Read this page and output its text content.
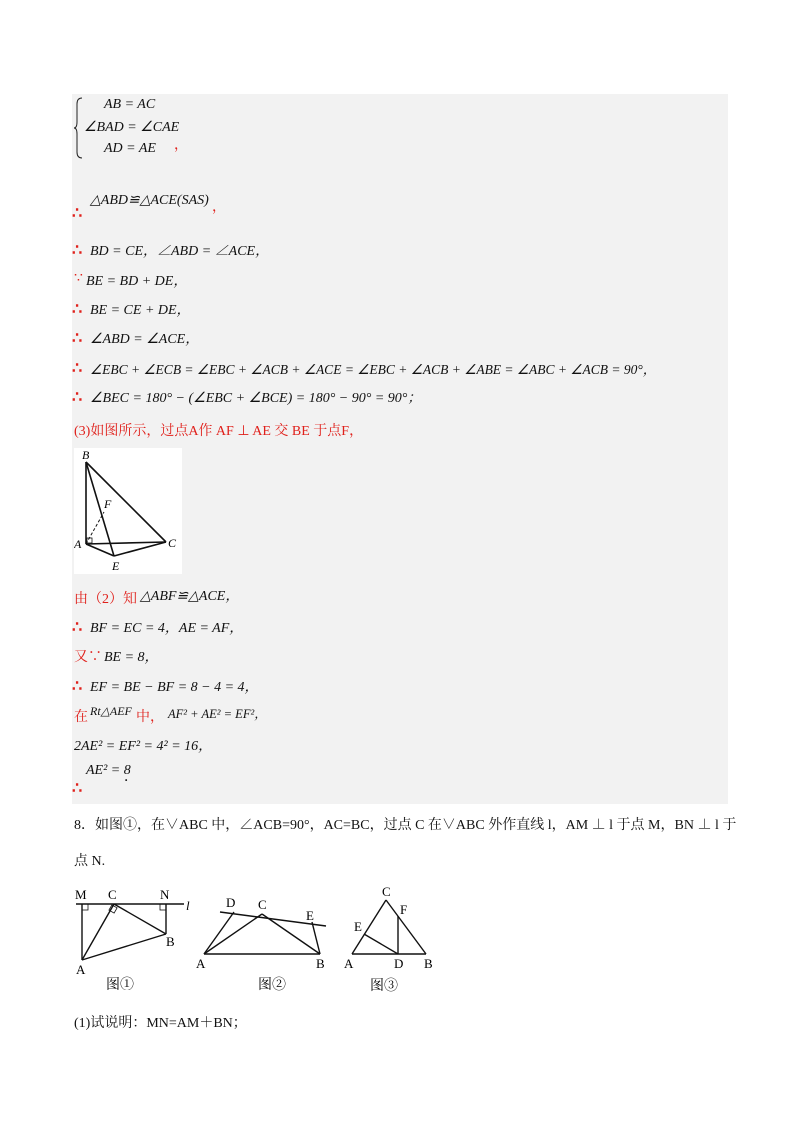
AB = AC
∠BAD = ∠CAE
AD = AE ，
∴
△ABD≌△ACE(SAS) ，
∴ BD = CE，∠ABD = ∠ACE，
∵ BE = BD + DE，
∴ BE = CE + DE，
∴ ∠ABD = ∠ACE，
∴ ∠EBC + ∠ECB = ∠EBC + ∠ACB + ∠ACE = ∠EBC + ∠ACB + ∠ABE = ∠ABC + ∠ACB = 90°，
∴ ∠BEC = 180° − (∠EBC + ∠BCE) = 180° − 90° = 90°；
(3)如图所示，过点A作 AF ⊥ AE 交 BE 于点F，
B
F
A	C
E
由（2）知 △ABF≌△ACE，
∴ BF = EC = 4，AE = AF，
又∵ BE = 8，
∴ EF = BE − BF = 8 − 4 = 4，
在 Rt△AEF 中， AF² + AE² = EF²，
2AE² = EF² = 4² = 16，
AE² = 8
．
∴
8．如图①，在∨ABC 中，∠ACB=90°，AC=BC，过点 C 在∨ABC 外作直线 l，AM ⊥ l 于点 M，BN ⊥ l 于
点 N.
M C	N
l
A
B
图①
D C
E
A	B
图②
C
E
F
A	D B
图③
(1)试说明：MN=AM＋BN；
